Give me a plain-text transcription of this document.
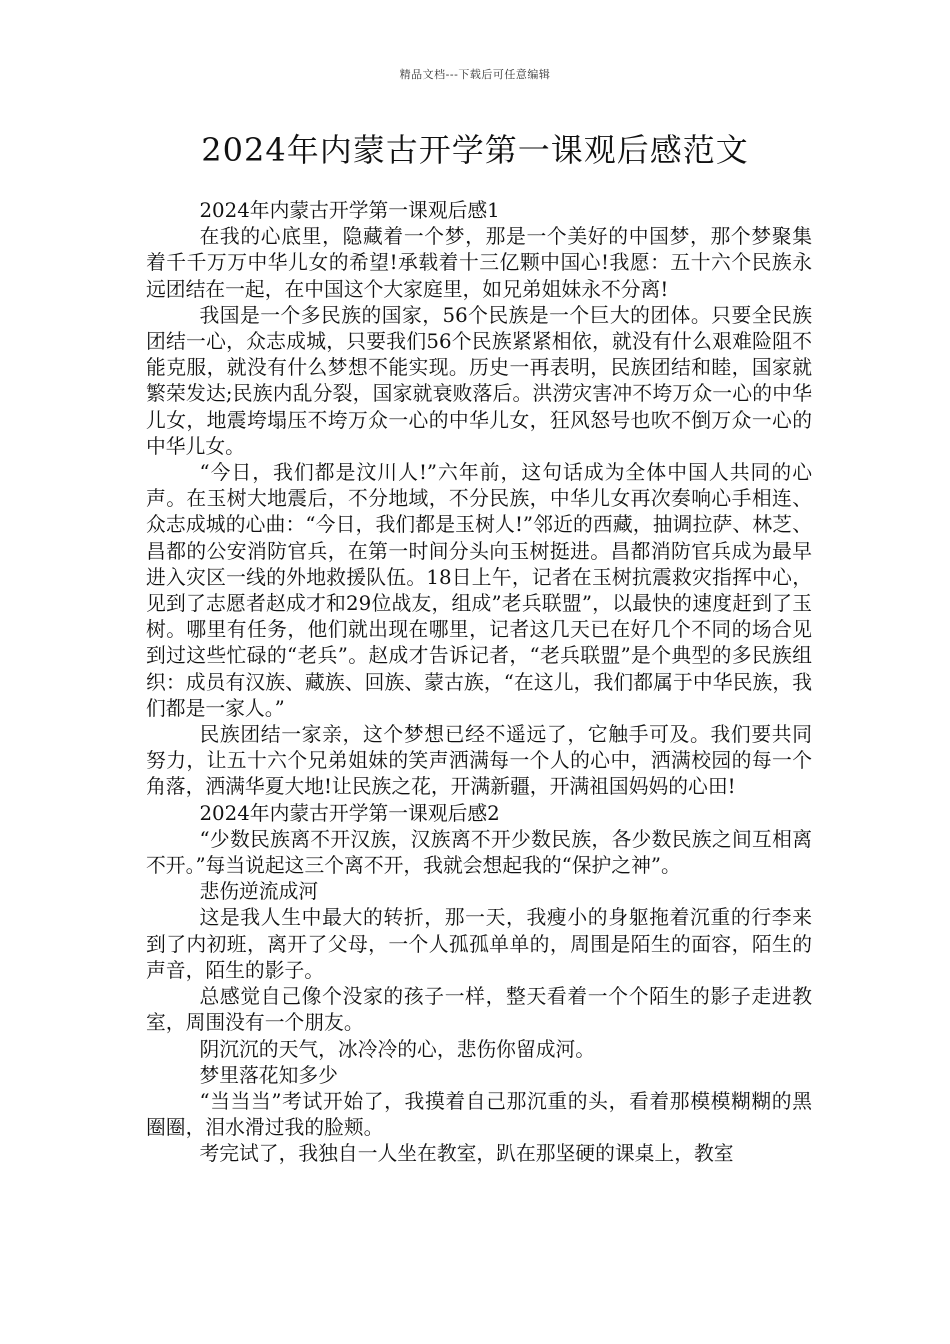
精品文档---下载后可任意编辑
2024年内蒙古开学第一课观后感范文

2024年内蒙古开学第一课观后感1

在我的心底里，隐藏着一个梦，那是一个美好的中国梦，那个梦聚集着千千万万中华儿女的希望!承载着十三亿颗中国心!我愿：五十六个民族永远团结在一起，在中国这个大家庭里，如兄弟姐妹永不分离!

我国是一个多民族的国家，56个民族是一个巨大的团体。只要全民族团结一心，众志成城，只要我们56个民族紧紧相依，就没有什么艰难险阻不能克服，就没有什么梦想不能实现。历史一再表明，民族团结和睦，国家就繁荣发达;民族内乱分裂，国家就衰败落后。洪涝灾害冲不垮万众一心的中华儿女，地震垮塌压不垮万众一心的中华儿女，狂风怒号也吹不倒万众一心的中华儿女。

“今日，我们都是汶川人!”六年前，这句话成为全体中国人共同的心声。在玉树大地震后，不分地域，不分民族，中华儿女再次奏响心手相连、众志成城的心曲：“今日，我们都是玉树人!”邻近的西藏，抽调拉萨、林芝、昌都的公安消防官兵，在第一时间分头向玉树挺进。昌都消防官兵成为最早进入灾区一线的外地救援队伍。18日上午，记者在玉树抗震救灾指挥中心，见到了志愿者赵成才和29位战友，组成”老兵联盟”，以最快的速度赶到了玉树。哪里有任务，他们就出现在哪里，记者这几天已在好几个不同的场合见到过这些忙碌的“老兵”。赵成才告诉记者，“老兵联盟”是个典型的多民族组织：成员有汉族、藏族、回族、蒙古族，“在这儿，我们都属于中华民族，我们都是一家人。”

民族团结一家亲，这个梦想已经不遥远了，它触手可及。我们要共同努力，让五十六个兄弟姐妹的笑声洒满每一个人的心中，洒满校园的每一个角落，洒满华夏大地!让民族之花，开满新疆，开满祖国妈妈的心田!

2024年内蒙古开学第一课观后感2

“少数民族离不开汉族，汉族离不开少数民族，各少数民族之间互相离不开。”每当说起这三个离不开，我就会想起我的“保护之神”。

悲伤逆流成河

这是我人生中最大的转折，那一天，我瘦小的身躯拖着沉重的行李来到了内初班，离开了父母，一个人孤孤单单的，周围是陌生的面容，陌生的声音，陌生的影子。

总感觉自己像个没家的孩子一样，整天看着一个个陌生的影子走进教室，周围没有一个朋友。

阴沉沉的天气，冰冷冷的心，悲伤你留成河。

梦里落花知多少

“当当当”考试开始了，我摸着自己那沉重的头，看着那模模糊糊的黑圈圈，泪水滑过我的脸颊。

考完试了，我独自一人坐在教室，趴在那坚硬的课桌上，教室
